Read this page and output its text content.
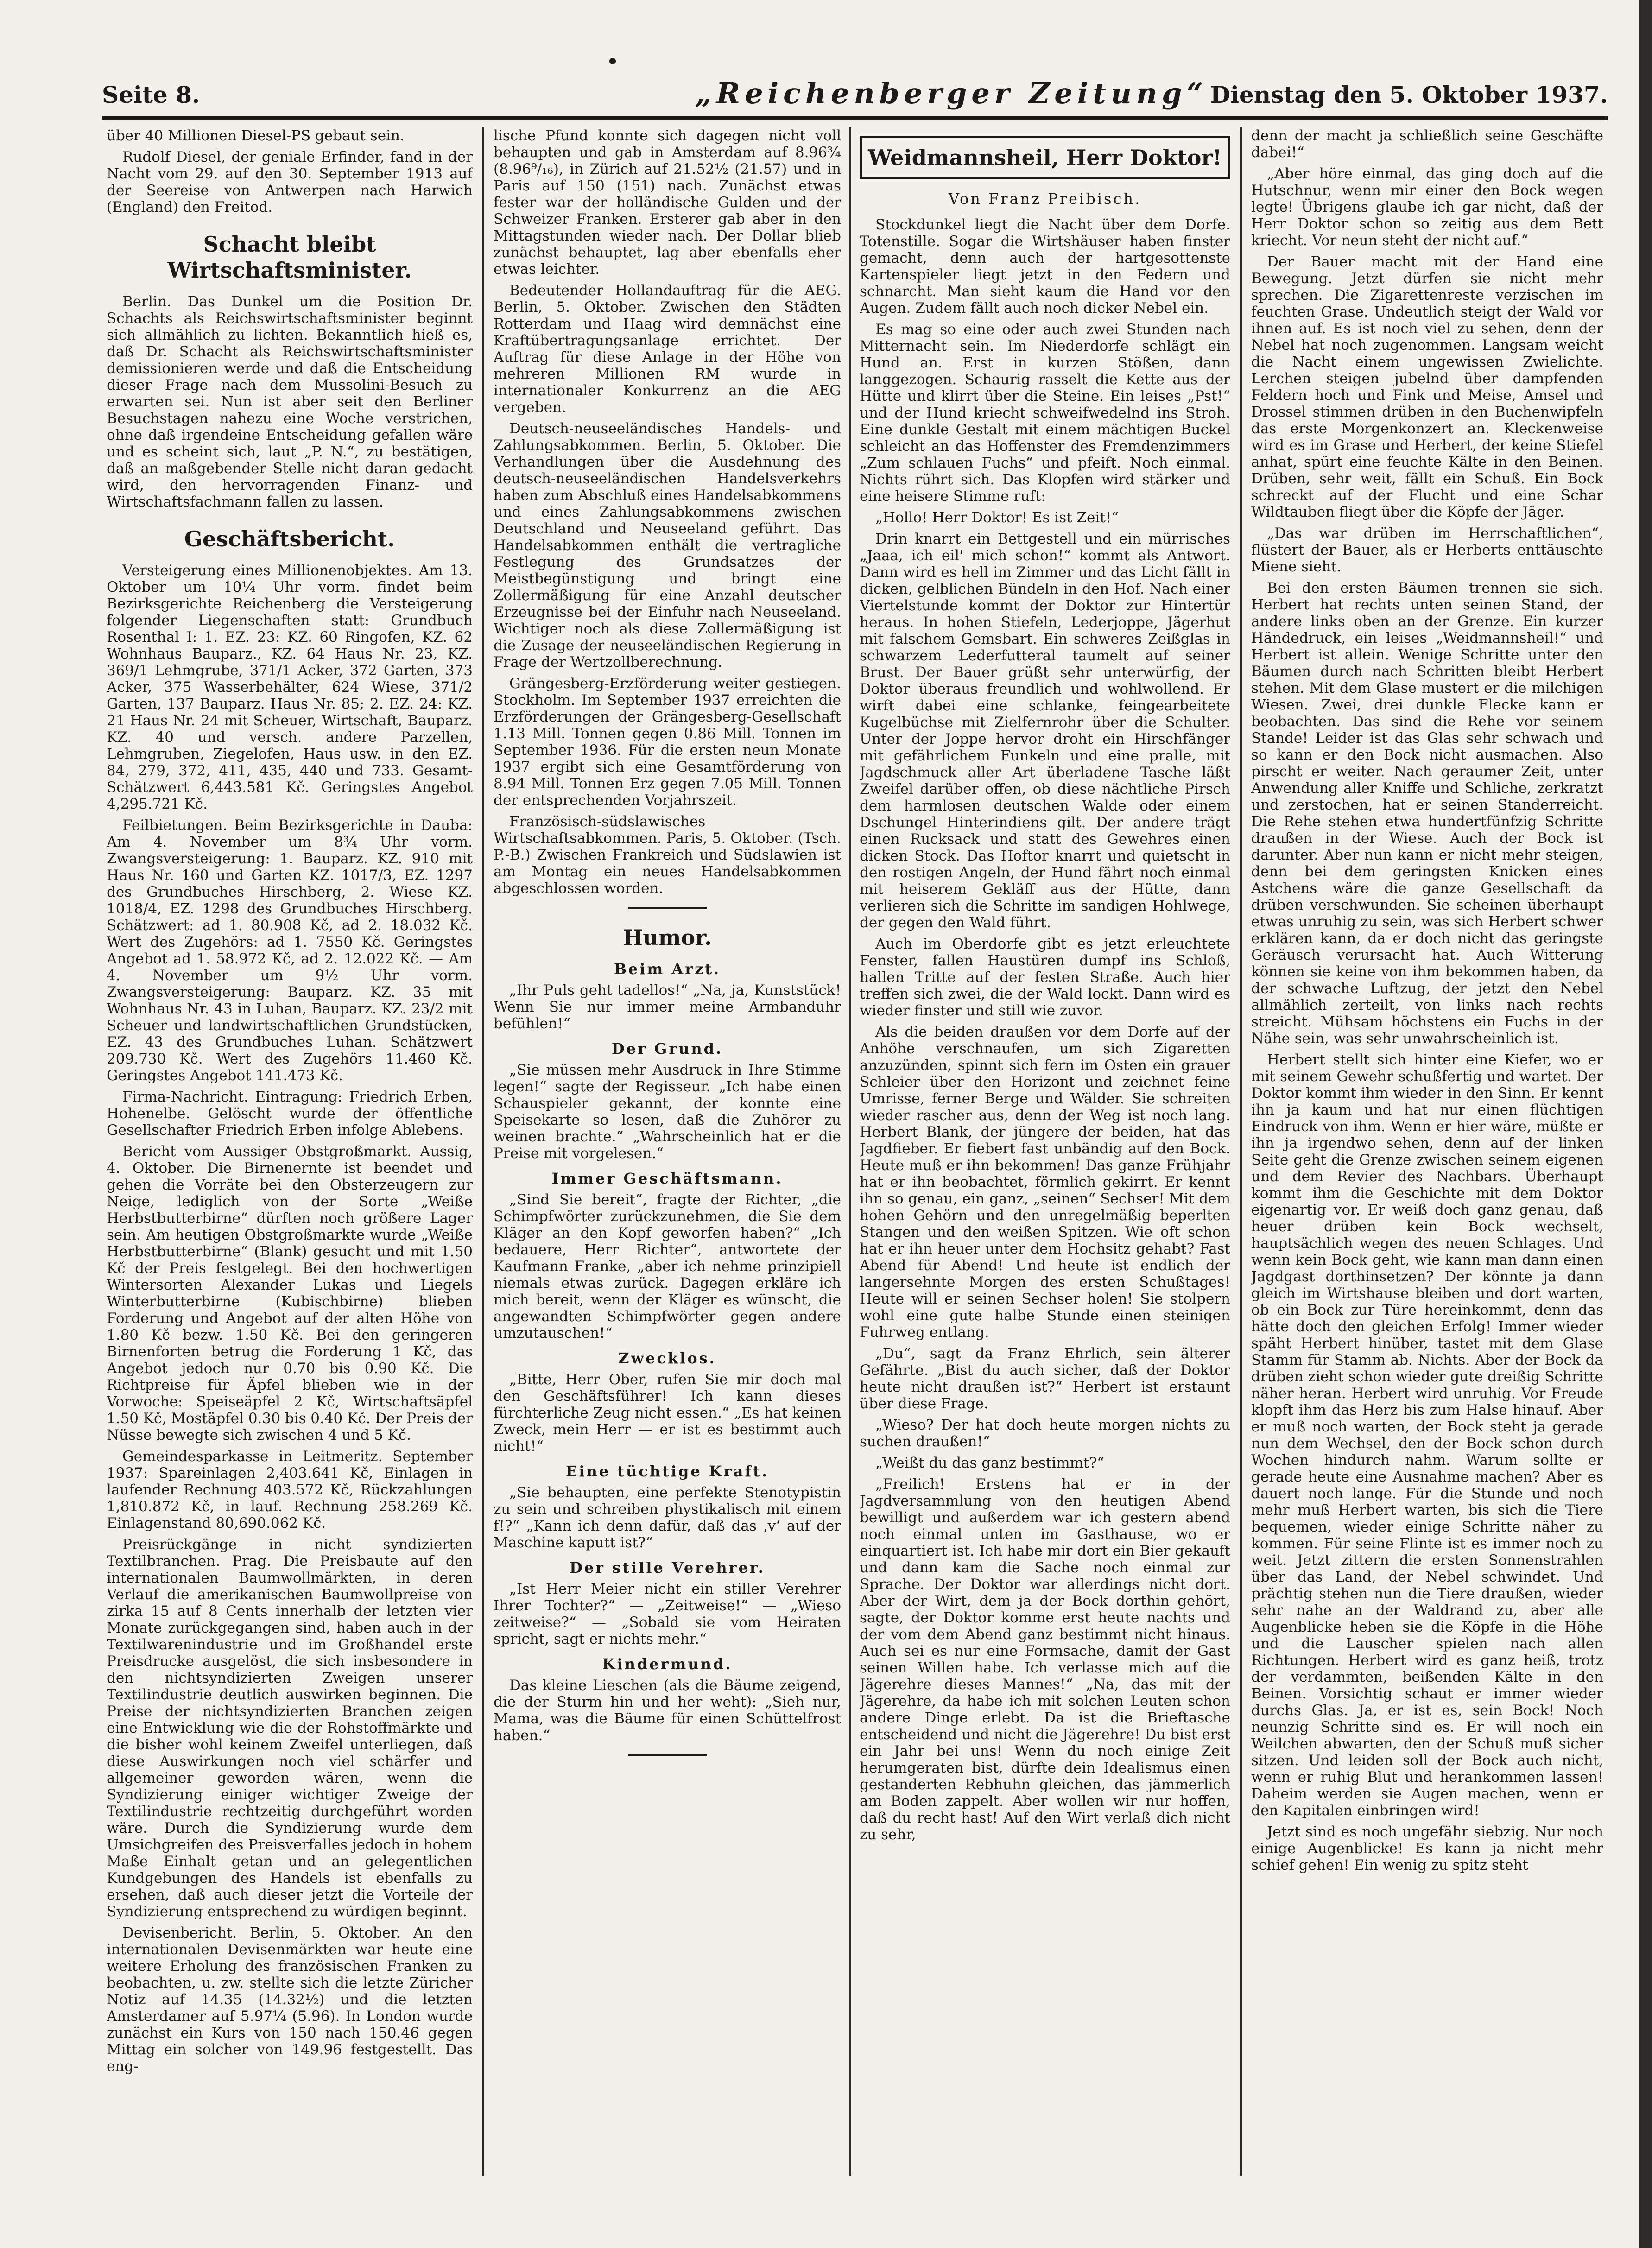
Seite 8.	„Reichenberger Zeitung“ Dienstag den 5. Oktober 1937.

über 40 Millionen Diesel-PS gebaut sein.

Rudolf Diesel, der geniale Erfinder, fand in der Nacht vom 29. auf den 30. September 1913 auf der Seereise von Antwerpen nach Harwich (England) den Freitod.

Schacht bleibt Wirtschaftsminister.

Berlin. Das Dunkel um die Position Dr. Schachts als Reichswirtschaftsminister beginnt sich allmählich zu lichten. Bekanntlich hieß es, daß Dr. Schacht als Reichswirtschaftsminister demissionieren werde und daß die Entscheidung dieser Frage nach dem Mussolini-Besuch zu erwarten sei. Nun ist aber seit den Berliner Besuchstagen nahezu eine Woche verstrichen, ohne daß irgendeine Entscheidung gefallen wäre und es scheint sich, laut „P. N.“, zu bestätigen, daß an maßgebender Stelle nicht daran gedacht wird, den hervorragenden Finanz- und Wirtschaftsfachmann fallen zu lassen.

Geschäftsbericht.

Versteigerung eines Millionenobjektes. Am 13. Oktober um 10¼ Uhr vorm. findet beim Bezirksgerichte Reichenberg die Versteigerung folgender Liegenschaften statt: Grundbuch Rosenthal I: 1. EZ. 23: KZ. 60 Ringofen, KZ. 62 Wohnhaus Bauparz., KZ. 64 Haus Nr. 23, KZ. 369/1 Lehmgrube, 371/1 Acker, 372 Garten, 373 Acker, 375 Wasserbehälter, 624 Wiese, 371/2 Garten, 137 Bauparz. Haus Nr. 85; 2. EZ. 24: KZ. 21 Haus Nr. 24 mit Scheuer, Wirtschaft, Bauparz. KZ. 40 und versch. andere Parzellen, Lehmgruben, Ziegelofen, Haus usw. in den EZ. 84, 279, 372, 411, 435, 440 und 733. Gesamt-Schätzwert 6,443.581 Kč. Geringstes Angebot 4,295.721 Kč.

Feilbietungen. Beim Bezirksgerichte in Dauba: Am 4. November um 8¾ Uhr vorm. Zwangsversteigerung: 1. Bauparz. KZ. 910 mit Haus Nr. 160 und Garten KZ. 1017/3, EZ. 1297 des Grundbuches Hirschberg, 2. Wiese KZ. 1018/4, EZ. 1298 des Grundbuches Hirschberg. Schätzwert: ad 1. 80.908 Kč, ad 2. 18.032 Kč. Wert des Zugehörs: ad 1. 7550 Kč. Geringstes Angebot ad 1. 58.972 Kč, ad 2. 12.022 Kč. — Am 4. November um 9½ Uhr vorm. Zwangsversteigerung: Bauparz. KZ. 35 mit Wohnhaus Nr. 43 in Luhan, Bauparz. KZ. 23/2 mit Scheuer und landwirtschaftlichen Grundstücken, EZ. 43 des Grundbuches Luhan. Schätzwert 209.730 Kč. Wert des Zugehörs 11.460 Kč. Geringstes Angebot 141.473 Kč.

Firma-Nachricht. Eintragung: Friedrich Erben, Hohenelbe. Gelöscht wurde der öffentliche Gesellschafter Friedrich Erben infolge Ablebens.

Bericht vom Aussiger Obstgroßmarkt. Aussig, 4. Oktober. Die Birnenernte ist beendet und gehen die Vorräte bei den Obsterzeugern zur Neige, lediglich von der Sorte „Weiße Herbstbutterbirne“ dürften noch größere Lager sein. Am heutigen Obstgroßmarkte wurde „Weiße Herbstbutterbirne“ (Blank) gesucht und mit 1.50 Kč der Preis festgelegt. Bei den hochwertigen Wintersorten Alexander Lukas und Liegels Winterbutterbirne (Kubischbirne) blieben Forderung und Angebot auf der alten Höhe von 1.80 Kč bezw. 1.50 Kč. Bei den geringeren Birnenforten betrug die Forderung 1 Kč, das Angebot jedoch nur 0.70 bis 0.90 Kč. Die Richtpreise für Äpfel blieben wie in der Vorwoche: Speiseäpfel 2 Kč, Wirtschaftsäpfel 1.50 Kč, Mostäpfel 0.30 bis 0.40 Kč. Der Preis der Nüsse bewegte sich zwischen 4 und 5 Kč.

Gemeindesparkasse in Leitmeritz. September 1937: Spareinlagen 2,403.641 Kč, Einlagen in laufender Rechnung 403.572 Kč, Rückzahlungen 1,810.872 Kč, in lauf. Rechnung 258.269 Kč. Einlagenstand 80,690.062 Kč.

Preisrückgänge in nicht syndizierten Textilbranchen. Prag. Die Preisbaute auf den internationalen Baumwollmärkten, in deren Verlauf die amerikanischen Baumwollpreise von zirka 15 auf 8 Cents innerhalb der letzten vier Monate zurückgegangen sind, haben auch in der Textilwarenindustrie und im Großhandel erste Preisdrucke ausgelöst, die sich insbesondere in den nichtsyndizierten Zweigen unserer Textilindustrie deutlich auswirken beginnen. Die Preise der nichtsyndizierten Branchen zeigen eine Entwicklung wie die der Rohstoffmärkte und die bisher wohl keinem Zweifel unterliegen, daß diese Auswirkungen noch viel schärfer und allgemeiner geworden wären, wenn die Syndizierung einiger wichtiger Zweige der Textilindustrie rechtzeitig durchgeführt worden wäre. Durch die Syndizierung wurde dem Umsichgreifen des Preisverfalles jedoch in hohem Maße Einhalt getan und an gelegentlichen Kundgebungen des Handels ist ebenfalls zu ersehen, daß auch dieser jetzt die Vorteile der Syndizierung entsprechend zu würdigen beginnt.

Devisenbericht. Berlin, 5. Oktober. An den internationalen Devisenmärkten war heute eine weitere Erholung des französischen Franken zu beobachten, u. zw. stellte sich die letzte Züricher Notiz auf 14.35 (14.32½) und die letzten Amsterdamer auf 5.97¼ (5.96). In London wurde zunächst ein Kurs von 150 nach 150.46 gegen Mittag ein solcher von 149.96 festgestellt. Das eng-

lische Pfund konnte sich dagegen nicht voll behaupten und gab in Amsterdam auf 8.96¾ (8.96⁹/₁₆), in Zürich auf 21.52½ (21.57) und in Paris auf 150 (151) nach. Zunächst etwas fester war der holländische Gulden und der Schweizer Franken. Ersterer gab aber in den Mittagstunden wieder nach. Der Dollar blieb zunächst behauptet, lag aber ebenfalls eher etwas leichter.

Bedeutender Hollandauftrag für die AEG. Berlin, 5. Oktober. Zwischen den Städten Rotterdam und Haag wird demnächst eine Kraftübertragungsanlage errichtet. Der Auftrag für diese Anlage in der Höhe von mehreren Millionen RM wurde in internationaler Konkurrenz an die AEG vergeben.

Deutsch-neuseeländisches Handels- und Zahlungsabkommen. Berlin, 5. Oktober. Die Verhandlungen über die Ausdehnung des deutsch-neuseeländischen Handelsverkehrs haben zum Abschluß eines Handelsabkommens und eines Zahlungsabkommens zwischen Deutschland und Neuseeland geführt. Das Handelsabkommen enthält die vertragliche Festlegung des Grundsatzes der Meistbegünstigung und bringt eine Zollermäßigung für eine Anzahl deutscher Erzeugnisse bei der Einfuhr nach Neuseeland. Wichtiger noch als diese Zollermäßigung ist die Zusage der neuseeländischen Regierung in Frage der Wertzollberechnung.

Grängesberg-Erzförderung weiter gestiegen. Stockholm. Im September 1937 erreichten die Erzförderungen der Grängesberg-Gesellschaft 1.13 Mill. Tonnen gegen 0.86 Mill. Tonnen im September 1936. Für die ersten neun Monate 1937 ergibt sich eine Gesamtförderung von 8.94 Mill. Tonnen Erz gegen 7.05 Mill. Tonnen der entsprechenden Vorjahrszeit.

Französisch-südslawisches Wirtschaftsabkommen. Paris, 5. Oktober. (Tsch. P.-B.) Zwischen Frankreich und Südslawien ist am Montag ein neues Handelsabkommen abgeschlossen worden.

Humor.
Beim Arzt.

„Ihr Puls geht tadellos!“ „Na, ja, Kunststück! Wenn Sie nur immer meine Armbanduhr befühlen!“

Der Grund.

„Sie müssen mehr Ausdruck in Ihre Stimme legen!“ sagte der Regisseur. „Ich habe einen Schauspieler gekannt, der konnte eine Speisekarte so lesen, daß die Zuhörer zu weinen brachte.“ „Wahrscheinlich hat er die Preise mit vorgelesen.“

Immer Geschäftsmann.

„Sind Sie bereit“, fragte der Richter, „die Schimpfwörter zurückzunehmen, die Sie dem Kläger an den Kopf geworfen haben?“ „Ich bedauere, Herr Richter“, antwortete der Kaufmann Franke, „aber ich nehme prinzipiell niemals etwas zurück. Dagegen erkläre ich mich bereit, wenn der Kläger es wünscht, die angewandten Schimpfwörter gegen andere umzutauschen!“

Zwecklos.

„Bitte, Herr Ober, rufen Sie mir doch mal den Geschäftsführer! Ich kann dieses fürchterliche Zeug nicht essen.“ „Es hat keinen Zweck, mein Herr — er ist es bestimmt auch nicht!“

Eine tüchtige Kraft.

„Sie behaupten, eine perfekte Stenotypistin zu sein und schreiben phystikalisch mit einem f!?“ „Kann ich denn dafür, daß das ‚v‘ auf der Maschine kaputt ist?“

Der stille Verehrer.

„Ist Herr Meier nicht ein stiller Verehrer Ihrer Tochter?“ — „Zeitweise!“ — „Wieso zeitweise?“ — „Sobald sie vom Heiraten spricht, sagt er nichts mehr.“

Kindermund.

Das kleine Lieschen (als die Bäume zeigend, die der Sturm hin und her weht): „Sieh nur, Mama, was die Bäume für einen Schüttelfrost haben.“

Weidmannsheil, Herr Doktor!
Von Franz Preibisch.

Stockdunkel liegt die Nacht über dem Dorfe. Totenstille. Sogar die Wirtshäuser haben finster gemacht, denn auch der hartgesottenste Kartenspieler liegt jetzt in den Federn und schnarcht. Man sieht kaum die Hand vor den Augen. Zudem fällt auch noch dicker Nebel ein.

Es mag so eine oder auch zwei Stunden nach Mitternacht sein. Im Niederdorfe schlägt ein Hund an. Erst in kurzen Stößen, dann langgezogen. Schaurig rasselt die Kette aus der Hütte und klirrt über die Steine. Ein leises „Pst!“ und der Hund kriecht schweifwedelnd ins Stroh. Eine dunkle Gestalt mit einem mächtigen Buckel schleicht an das Hoffenster des Fremdenzimmers „Zum schlauen Fuchs“ und pfeift. Noch einmal. Nichts rührt sich. Das Klopfen wird stärker und eine heisere Stimme ruft:

„Hollo! Herr Doktor! Es ist Zeit!“

Drin knarrt ein Bettgestell und ein mürrisches „Jaaa, ich eil' mich schon!“ kommt als Antwort. Dann wird es hell im Zimmer und das Licht fällt in dicken, gelblichen Bündeln in den Hof. Nach einer Viertelstunde kommt der Doktor zur Hintertür heraus. In hohen Stiefeln, Lederjoppe, Jägerhut mit falschem Gemsbart. Ein schweres Zeißglas in schwarzem Lederfutteral taumelt auf seiner Brust. Der Bauer grüßt sehr unterwürfig, der Doktor überaus freundlich und wohlwollend. Er wirft dabei eine schlanke, feingearbeitete Kugelbüchse mit Zielfernrohr über die Schulter. Unter der Joppe hervor droht ein Hirschfänger mit gefährlichem Funkeln und eine pralle, mit Jagdschmuck aller Art überladene Tasche läßt Zweifel darüber offen, ob diese nächtliche Pirsch dem harmlosen deutschen Walde oder einem Dschungel Hinterindiens gilt. Der andere trägt einen Rucksack und statt des Gewehres einen dicken Stock. Das Hoftor knarrt und quietscht in den rostigen Angeln, der Hund fährt noch einmal mit heiserem Gekläff aus der Hütte, dann verlieren sich die Schritte im sandigen Hohlwege, der gegen den Wald führt.

Auch im Oberdorfe gibt es jetzt erleuchtete Fenster, fallen Haustüren dumpf ins Schloß, hallen Tritte auf der festen Straße. Auch hier treffen sich zwei, die der Wald lockt. Dann wird es wieder finster und still wie zuvor.

Als die beiden draußen vor dem Dorfe auf der Anhöhe verschnaufen, um sich Zigaretten anzuzünden, spinnt sich fern im Osten ein grauer Schleier über den Horizont und zeichnet feine Umrisse, ferner Berge und Wälder. Sie schreiten wieder rascher aus, denn der Weg ist noch lang. Herbert Blank, der jüngere der beiden, hat das Jagdfieber. Er fiebert fast unbändig auf den Bock. Heute muß er ihn bekommen! Das ganze Frühjahr hat er ihn beobachtet, förmlich gekirrt. Er kennt ihn so genau, ein ganz, „seinen“ Sechser! Mit dem hohen Gehörn und den unregelmäßig beperlten Stangen und den weißen Spitzen. Wie oft schon hat er ihn heuer unter dem Hochsitz gehabt? Fast Abend für Abend! Und heute ist endlich der langersehnte Morgen des ersten Schußtages! Heute will er seinen Sechser holen! Sie stolpern wohl eine gute halbe Stunde einen steinigen Fuhrweg entlang.

„Du“, sagt da Franz Ehrlich, sein älterer Gefährte. „Bist du auch sicher, daß der Doktor heute nicht draußen ist?“ Herbert ist erstaunt über diese Frage.

„Wieso? Der hat doch heute morgen nichts zu suchen draußen!“

„Weißt du das ganz bestimmt?“

„Freilich! Erstens hat er in der Jagdversammlung von den heutigen Abend bewilligt und außerdem war ich gestern abend noch einmal unten im Gasthause, wo er einquartiert ist. Ich habe mir dort ein Bier gekauft und dann kam die Sache noch einmal zur Sprache. Der Doktor war allerdings nicht dort. Aber der Wirt, dem ja der Bock dorthin gehört, sagte, der Doktor komme erst heute nachts und der vom dem Abend ganz bestimmt nicht hinaus. Auch sei es nur eine Formsache, damit der Gast seinen Willen habe. Ich verlasse mich auf die Jägerehre dieses Mannes!“ „Na, das mit der Jägerehre, da habe ich mit solchen Leuten schon andere Dinge erlebt. Da ist die Brieftasche entscheidend und nicht die Jägerehre! Du bist erst ein Jahr bei uns! Wenn du noch einige Zeit herumgeraten bist, dürfte dein Idealismus einen gestanderten Rebhuhn gleichen, das jämmerlich am Boden zappelt. Aber wollen wir nur hoffen, daß du recht hast! Auf den Wirt verlaß dich nicht zu sehr,

denn der macht ja schließlich seine Geschäfte dabei!“

„Aber höre einmal, das ging doch auf die Hutschnur, wenn mir einer den Bock wegen legte! Übrigens glaube ich gar nicht, daß der Herr Doktor schon so zeitig aus dem Bett kriecht. Vor neun steht der nicht auf.“

Der Bauer macht mit der Hand eine Bewegung. Jetzt dürfen sie nicht mehr sprechen. Die Zigarettenreste verzischen im feuchten Grase. Undeutlich steigt der Wald vor ihnen auf. Es ist noch viel zu sehen, denn der Nebel hat noch zugenommen. Langsam weicht die Nacht einem ungewissen Zwielichte. Lerchen steigen jubelnd über dampfenden Feldern hoch und Fink und Meise, Amsel und Drossel stimmen drüben in den Buchenwipfeln das erste Morgenkonzert an. Kleckenweise wird es im Grase und Herbert, der keine Stiefel anhat, spürt eine feuchte Kälte in den Beinen. Drüben, sehr weit, fällt ein Schuß. Ein Bock schreckt auf der Flucht und eine Schar Wildtauben fliegt über die Köpfe der Jäger.

„Das war drüben im Herrschaftlichen“, flüstert der Bauer, als er Herberts enttäuschte Miene sieht.

Bei den ersten Bäumen trennen sie sich. Herbert hat rechts unten seinen Stand, der andere links oben an der Grenze. Ein kurzer Händedruck, ein leises „Weidmannsheil!“ und Herbert ist allein. Wenige Schritte unter den Bäumen durch nach Schritten bleibt Herbert stehen. Mit dem Glase mustert er die milchigen Wiesen. Zwei, drei dunkle Flecke kann er beobachten. Das sind die Rehe vor seinem Stande! Leider ist das Glas sehr schwach und so kann er den Bock nicht ausmachen. Also pirscht er weiter. Nach geraumer Zeit, unter Anwendung aller Kniffe und Schliche, zerkratzt und zerstochen, hat er seinen Standerreicht. Die Rehe stehen etwa hundertfünfzig Schritte draußen in der Wiese. Auch der Bock ist darunter. Aber nun kann er nicht mehr steigen, denn bei dem geringsten Knicken eines Astchens wäre die ganze Gesellschaft da drüben verschwunden. Sie scheinen überhaupt etwas unruhig zu sein, was sich Herbert schwer erklären kann, da er doch nicht das geringste Geräusch verursacht hat. Auch Witterung können sie keine von ihm bekommen haben, da der schwache Luftzug, der jetzt den Nebel allmählich zerteilt, von links nach rechts streicht. Mühsam höchstens ein Fuchs in der Nähe sein, was sehr unwahrscheinlich ist.

Herbert stellt sich hinter eine Kiefer, wo er mit seinem Gewehr schußfertig und wartet. Der Doktor kommt ihm wieder in den Sinn. Er kennt ihn ja kaum und hat nur einen flüchtigen Eindruck von ihm. Wenn er hier wäre, müßte er ihn ja irgendwo sehen, denn auf der linken Seite geht die Grenze zwischen seinem eigenen und dem Revier des Nachbars. Überhaupt kommt ihm die Geschichte mit dem Doktor eigenartig vor. Er weiß doch ganz genau, daß heuer drüben kein Bock wechselt, hauptsächlich wegen des neuen Schlages. Und wenn kein Bock geht, wie kann man dann einen Jagdgast dorthinsetzen? Der könnte ja dann gleich im Wirtshause bleiben und dort warten, ob ein Bock zur Türe hereinkommt, denn das hätte doch den gleichen Erfolg! Immer wieder späht Herbert hinüber, tastet mit dem Glase Stamm für Stamm ab. Nichts. Aber der Bock da drüben zieht schon wieder gute dreißig Schritte näher heran. Herbert wird unruhig. Vor Freude klopft ihm das Herz bis zum Halse hinauf. Aber er muß noch warten, der Bock steht ja gerade nun dem Wechsel, den der Bock schon durch Wochen hindurch nahm. Warum sollte er gerade heute eine Ausnahme machen? Aber es dauert noch lange. Für die Stunde und noch mehr muß Herbert warten, bis sich die Tiere bequemen, wieder einige Schritte näher zu kommen. Für seine Flinte ist es immer noch zu weit. Jetzt zittern die ersten Sonnenstrahlen über das Land, der Nebel schwindet. Und prächtig stehen nun die Tiere draußen, wieder sehr nahe an der Waldrand zu, aber alle Augenblicke heben sie die Köpfe in die Höhe und die Lauscher spielen nach allen Richtungen. Herbert wird es ganz heiß, trotz der verdammten, beißenden Kälte in den Beinen. Vorsichtig schaut er immer wieder durchs Glas. Ja, er ist es, sein Bock! Noch neunzig Schritte sind es. Er will noch ein Weilchen abwarten, den der Schuß muß sicher sitzen. Und leiden soll der Bock auch nicht, wenn er ruhig Blut und herankommen lassen! Daheim werden sie Augen machen, wenn er den Kapitalen einbringen wird!

Jetzt sind es noch ungefähr siebzig. Nur noch einige Augenblicke! Es kann ja nicht mehr schief gehen! Ein wenig zu spitz steht
